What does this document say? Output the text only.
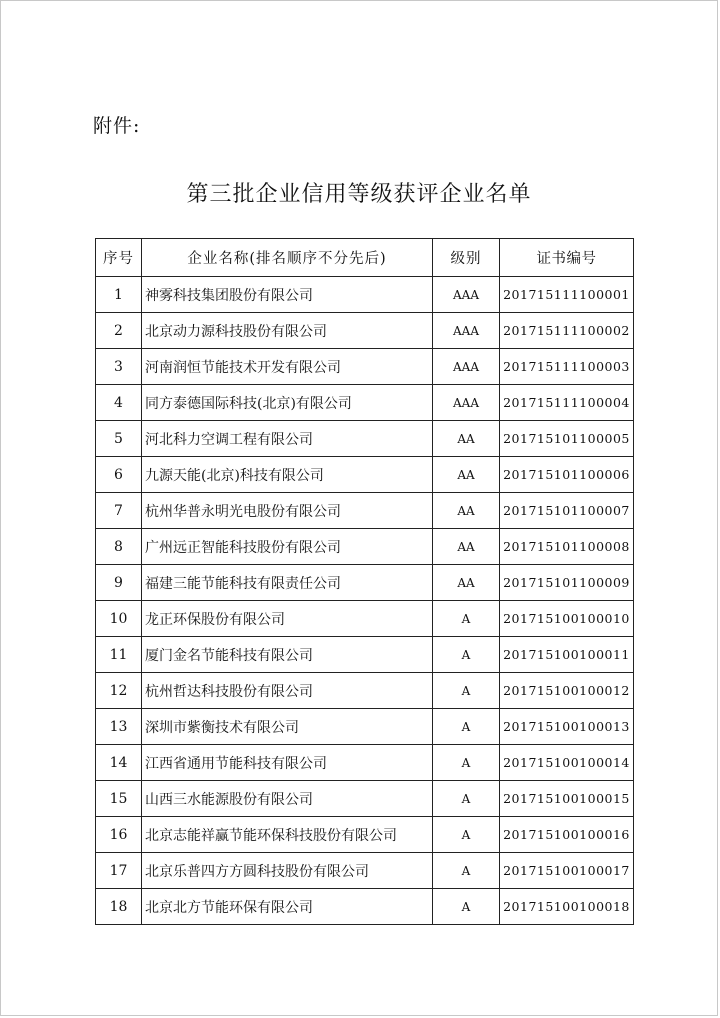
附件:
第三批企业信用等级获评企业名单
序号	企业名称(排名顺序不分先后)	级别	证书编号
1	神雾科技集团股份有限公司	AAA	201715111100001
2	北京动力源科技股份有限公司	AAA	201715111100002
3	河南润恒节能技术开发有限公司	AAA	201715111100003
4	同方泰德国际科技(北京)有限公司	AAA	201715111100004
5	河北科力空调工程有限公司	AA	201715101100005
6	九源天能(北京)科技有限公司	AA	201715101100006
7	杭州华普永明光电股份有限公司	AA	201715101100007
8	广州远正智能科技股份有限公司	AA	201715101100008
9	福建三能节能科技有限责任公司	AA	201715101100009
10	龙正环保股份有限公司	A	201715100100010
11	厦门金名节能科技有限公司	A	201715100100011
12	杭州哲达科技股份有限公司	A	201715100100012
13	深圳市紫衡技术有限公司	A	201715100100013
14	江西省通用节能科技有限公司	A	201715100100014
15	山西三水能源股份有限公司	A	201715100100015
16	北京志能祥赢节能环保科技股份有限公司	A	201715100100016
17	北京乐普四方方圆科技股份有限公司	A	201715100100017
18	北京北方节能环保有限公司	A	201715100100018
